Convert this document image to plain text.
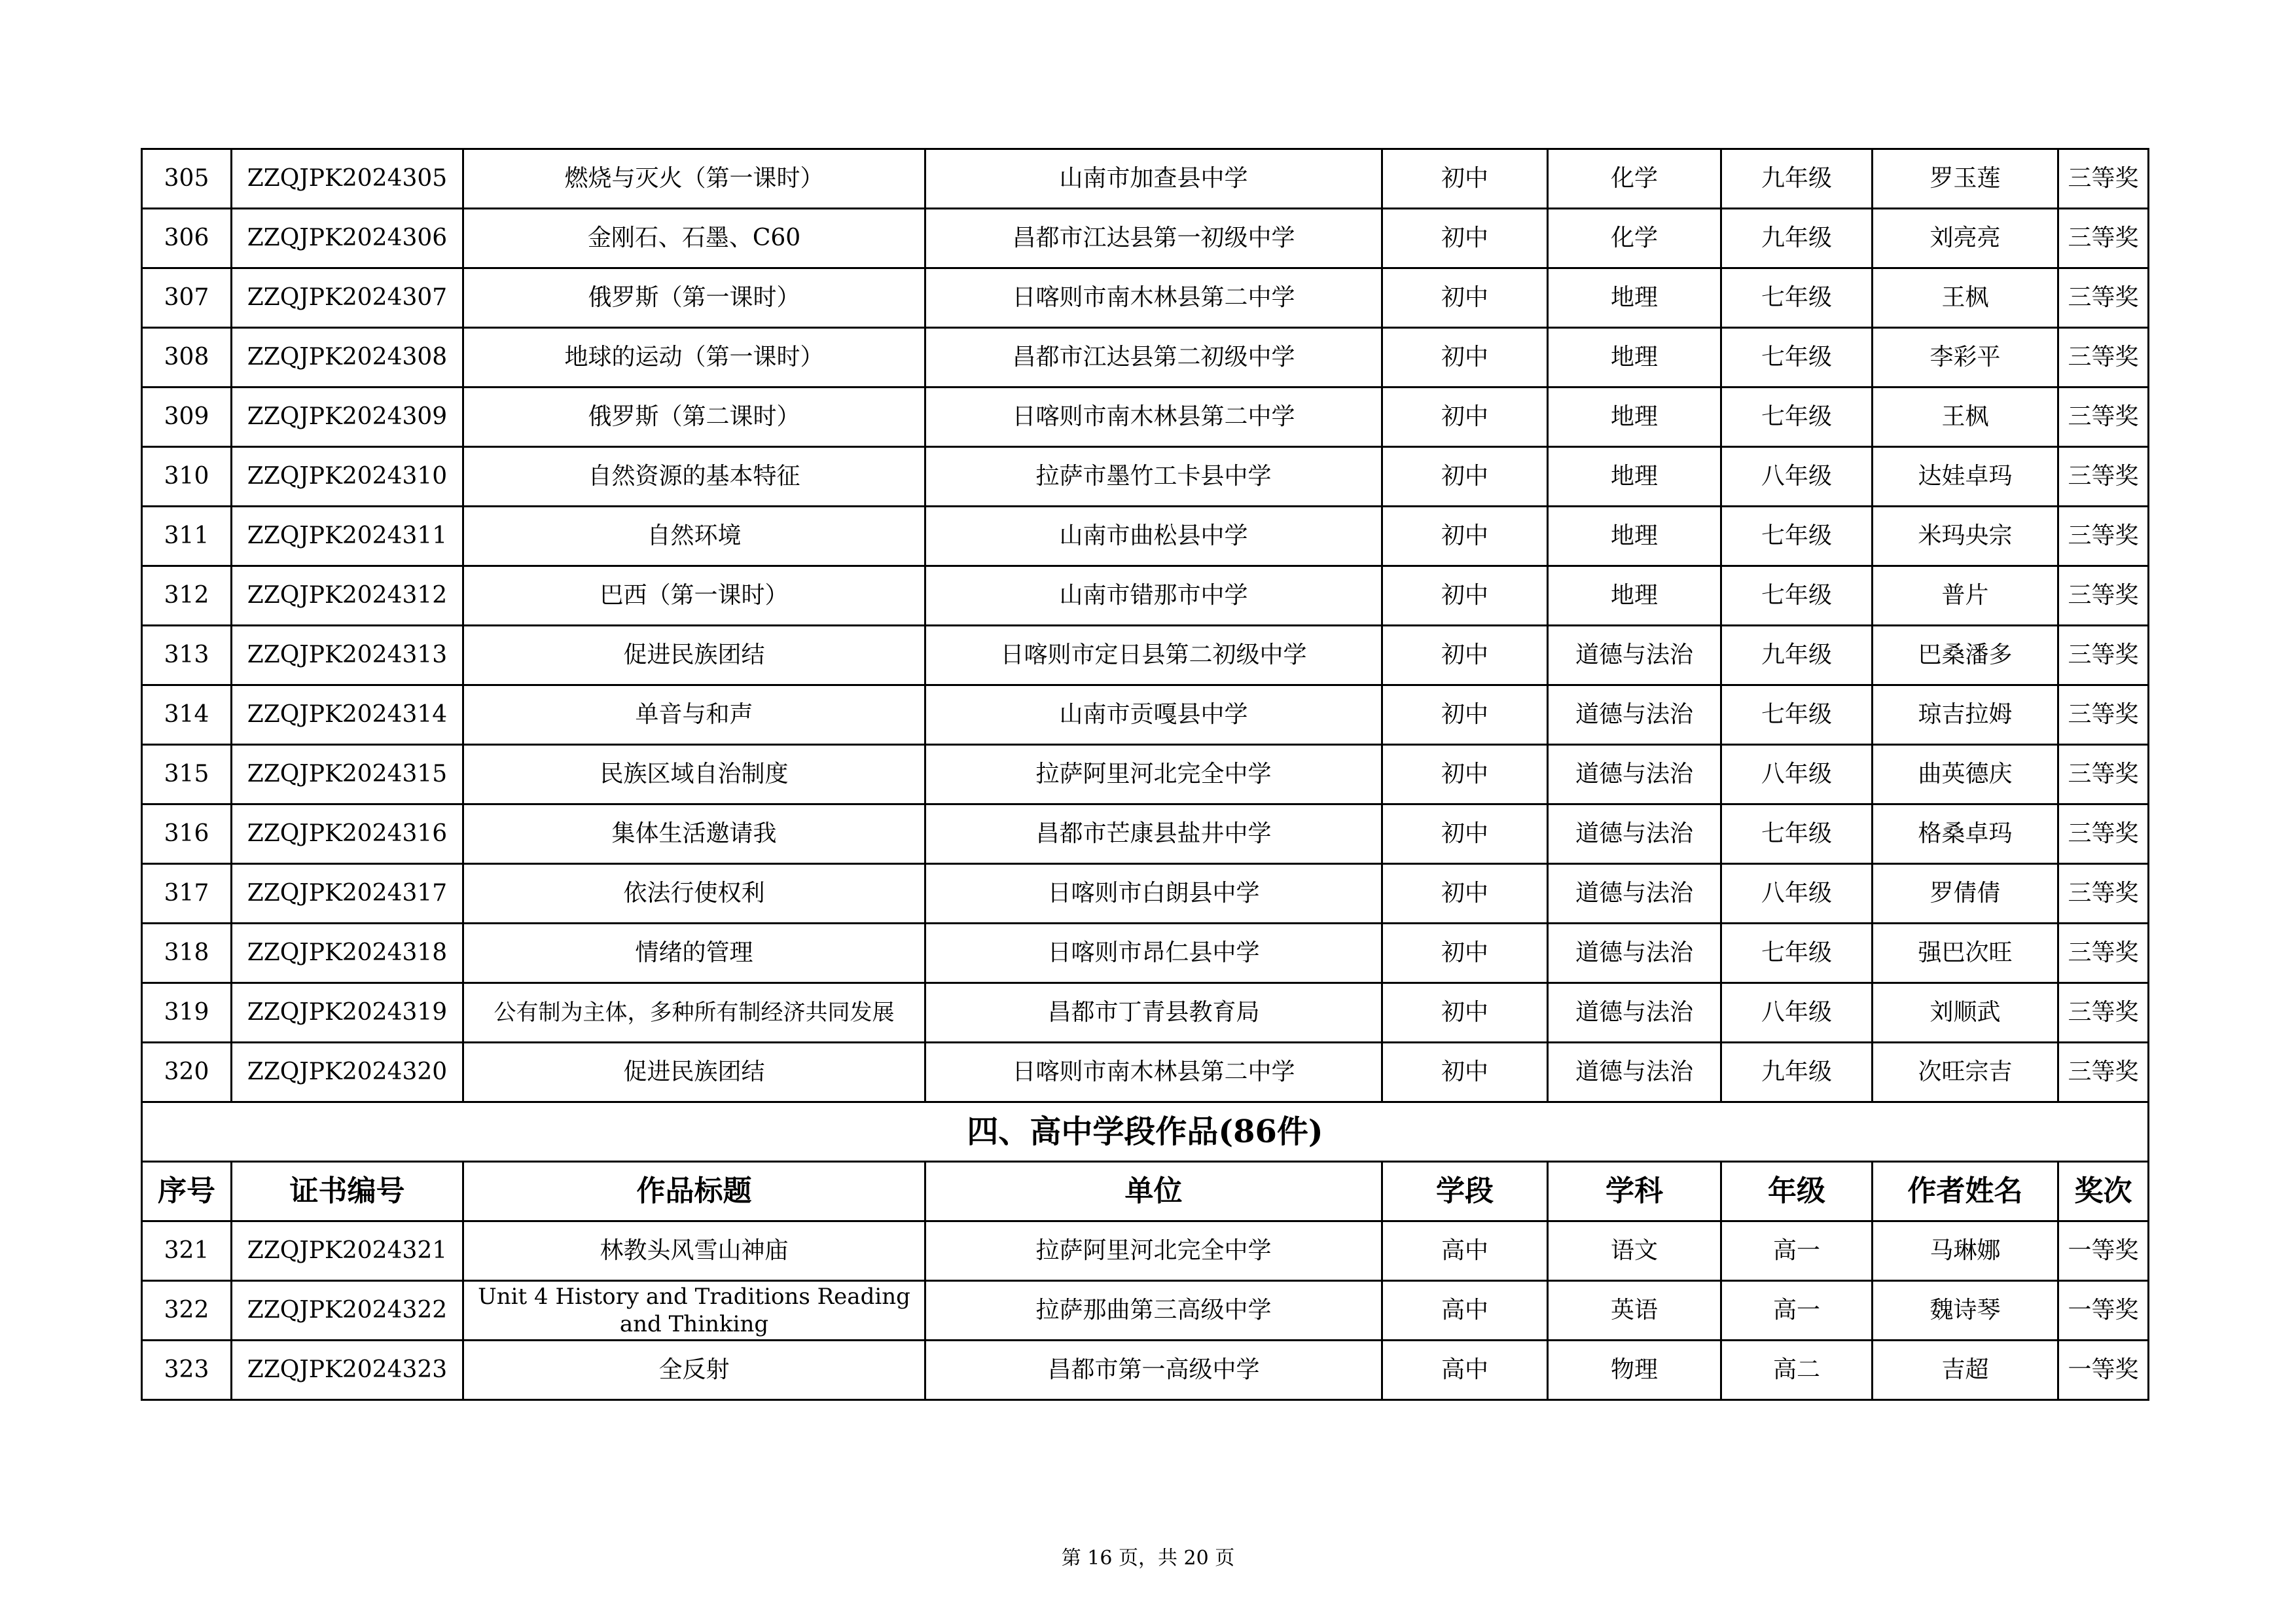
305	ZZQJPK2024305	燃烧与灭火（第一课时）	山南市加查县中学	初中	化学	九年级	罗玉莲	三等奖
306	ZZQJPK2024306	金刚石、石墨、C60	昌都市江达县第一初级中学	初中	化学	九年级	刘亮亮	三等奖
307	ZZQJPK2024307	俄罗斯（第一课时）	日喀则市南木林县第二中学	初中	地理	七年级	王枫	三等奖
308	ZZQJPK2024308	地球的运动（第一课时）	昌都市江达县第二初级中学	初中	地理	七年级	李彩平	三等奖
309	ZZQJPK2024309	俄罗斯（第二课时）	日喀则市南木林县第二中学	初中	地理	七年级	王枫	三等奖
310	ZZQJPK2024310	自然资源的基本特征	拉萨市墨竹工卡县中学	初中	地理	八年级	达娃卓玛	三等奖
311	ZZQJPK2024311	自然环境	山南市曲松县中学	初中	地理	七年级	米玛央宗	三等奖
312	ZZQJPK2024312	巴西（第一课时）	山南市错那市中学	初中	地理	七年级	普片	三等奖
313	ZZQJPK2024313	促进民族团结	日喀则市定日县第二初级中学	初中	道德与法治	九年级	巴桑潘多	三等奖
314	ZZQJPK2024314	单音与和声	山南市贡嘎县中学	初中	道德与法治	七年级	琼吉拉姆	三等奖
315	ZZQJPK2024315	民族区域自治制度	拉萨阿里河北完全中学	初中	道德与法治	八年级	曲英德庆	三等奖
316	ZZQJPK2024316	集体生活邀请我	昌都市芒康县盐井中学	初中	道德与法治	七年级	格桑卓玛	三等奖
317	ZZQJPK2024317	依法行使权利	日喀则市白朗县中学	初中	道德与法治	八年级	罗倩倩	三等奖
318	ZZQJPK2024318	情绪的管理	日喀则市昂仁县中学	初中	道德与法治	七年级	强巴次旺	三等奖
319	ZZQJPK2024319	公有制为主体，多种所有制经济共同发展	昌都市丁青县教育局	初中	道德与法治	八年级	刘顺武	三等奖
320	ZZQJPK2024320	促进民族团结	日喀则市南木林县第二中学	初中	道德与法治	九年级	次旺宗吉	三等奖
四、高中学段作品(86件)								
序号	证书编号	作品标题	单位	学段	学科	年级	作者姓名	奖次
321	ZZQJPK2024321	林教头风雪山神庙	拉萨阿里河北完全中学	高中	语文	高一	马琳娜	一等奖
322	ZZQJPK2024322	Unit 4 History and Traditions Reading and Thinking	拉萨那曲第三高级中学	高中	英语	高一	魏诗琴	一等奖
323	ZZQJPK2024323	全反射	昌都市第一高级中学	高中	物理	高二	吉超	一等奖
第 16 页，共 20 页
